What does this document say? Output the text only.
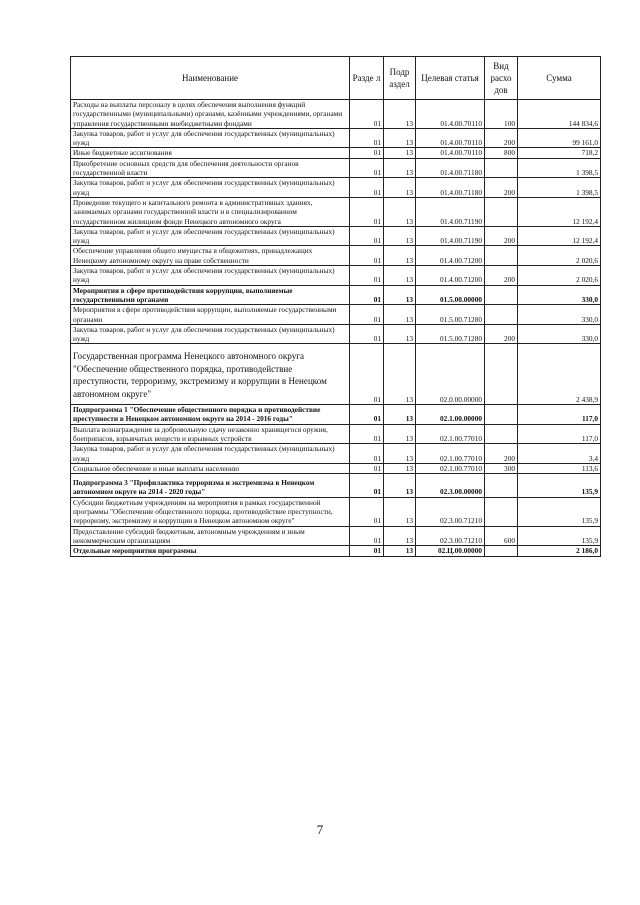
Наименование	Разде л	Подр аздел	Целевая статья	Вид расхо дов	Сумма
Расходы на выплаты персоналу в целях обеспечения выполнения функций государственными (муниципальными) органами, казёнными учреждениями, органами управления государственными внебюджетными фондами	01	13	01.4.00.70110	100	144 834,6
Закупка товаров, работ и услуг для обеспечения государственных (муниципальных) нужд	01	13	01.4.00.70110	200	99 161,0
Иные бюджетные ассигнования	01	13	01.4.00.70110	800	718,2
Приобретение основных средств для обеспечения деятельности органов государственной власти	01	13	01.4.00.71180		1 398,5
Закупка товаров, работ и услуг для обеспечения государственных (муниципальных) нужд	01	13	01.4.00.71180	200	1 398,5
Проведение текущего и капитального ремонта в административных зданиях, занимаемых органами государственной власти и в специализированном государственном жилищном фонде Ненецкого автономного округа	01	13	01.4.00.71190		12 192,4
Закупка товаров, работ и услуг для обеспечения государственных (муниципальных) нужд	01	13	01.4.00.71190	200	12 192,4
Обеспечение управления общего имущества в общежитиях, принадлежащих Ненецкому автономному округу на праве собственности	01	13	01.4.00.71200		2 020,6
Закупка товаров, работ и услуг для обеспечения государственных (муниципальных) нужд	01	13	01.4.00.71200	200	2 020,6
Мероприятия в сфере противодействия коррупции, выполняемые государственными органами	01	13	01.5.00.00000		330,0
Мероприятия в сфере противодействия коррупции, выполняемые государственными органами	01	13	01.5.00.71280		330,0
Закупка товаров, работ и услуг для обеспечения государственных (муниципальных) нужд	01	13	01.5.00.71280	200	330,0
Государственная программа Ненецкого автономного округа "Обеспечение общественного порядка, противодействие преступности, терроризму, экстремизму и коррупции в Ненецком автономном округе"	01	13	02.0.00.00000		2 438,9
Подпрограмма 1 "Обеспечение общественного порядка и противодействие преступности в Ненецком автономном округе на 2014 - 2016 годы"	01	13	02.1.00.00000		117,0
Выплата вознаграждения за добровольную сдачу незаконно хранящегося оружия, боеприпасов, взрывчатых веществ и взрывных устройств	01	13	02.1.00.77010		117,0
Закупка товаров, работ и услуг для обеспечения государственных (муниципальных) нужд	01	13	02.1.00.77010	200	3,4
Социальное обеспечение и иные выплаты населению	01	13	02.1.00.77010	300	113,6
Подпрограмма 3 "Профилактика терроризма и экстремизма в Ненецком автономном округе на 2014 - 2020 годы"	01	13	02.3.00.00000		135,9
Субсидии бюджетным учреждениям на мероприятия в рамках государственной программы "Обеспечение общественного порядка, противодействие преступности, терроризму, экстремизму и коррупции в Ненецком автономном округе"	01	13	02.3.00.71210		135,9
Предоставление субсидий бюджетным, автономным учреждениям и иным некоммерческим организациям	01	13	02.3.00.71210	600	135,9
Отдельные мероприятия программы	01	13	02.Ц.00.00000		2 186,0
7
